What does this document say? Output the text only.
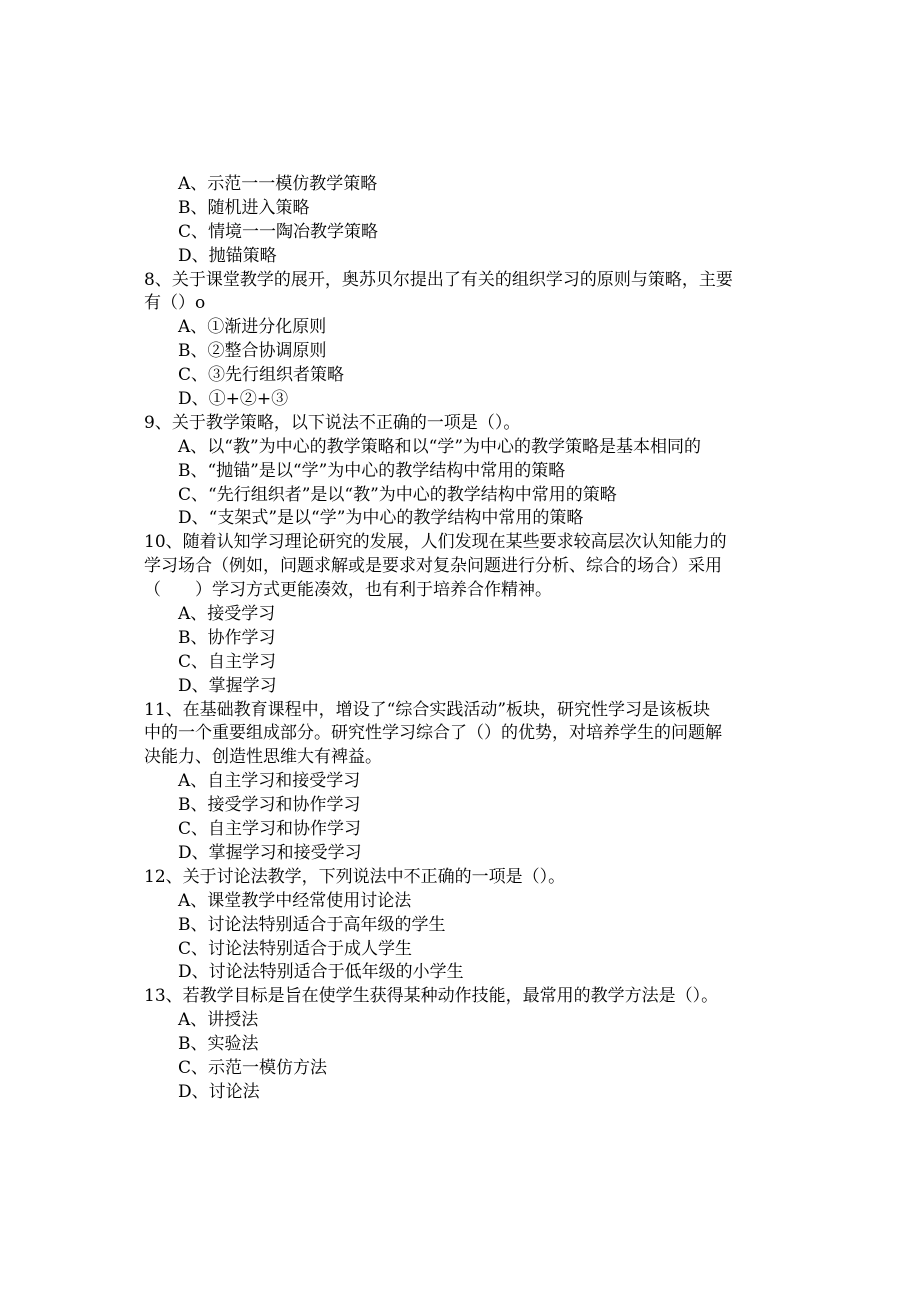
A、示范一一模仿教学策略
B、随机进入策略
C、情境一一陶冶教学策略
D、抛锚策略
8、关于课堂教学的展开，奥苏贝尔提出了有关的组织学习的原则与策略，主要
有（）o
A、①渐进分化原则
B、②整合协调原则
C、③先行组织者策略
D、①+②+③
9、关于教学策略，以下说法不正确的一项是（）。
A、以“教”为中心的教学策略和以“学”为中心的教学策略是基本相同的
B、“抛锚”是以“学”为中心的教学结构中常用的策略
C、“先行组织者”是以“教”为中心的教学结构中常用的策略
D、“支架式”是以“学”为中心的教学结构中常用的策略
10、随着认知学习理论研究的发展，人们发现在某些要求较高层次认知能力的
学习场合（例如，问题求解或是要求对复杂问题进行分析、综合的场合）采用
（　　）学习方式更能凑效，也有利于培养合作精神。
A、接受学习
B、协作学习
C、自主学习
D、掌握学习
11、在基础教育课程中，增设了“综合实践活动”板块，研究性学习是该板块
中的一个重要组成部分。研究性学习综合了（）的优势，对培养学生的问题解
决能力、创造性思维大有裨益。
A、自主学习和接受学习
B、接受学习和协作学习
C、自主学习和协作学习
D、掌握学习和接受学习
12、关于讨论法教学，下列说法中不正确的一项是（）。
A、课堂教学中经常使用讨论法
B、讨论法特别适合于高年级的学生
C、讨论法特别适合于成人学生
D、讨论法特别适合于低年级的小学生
13、若教学目标是旨在使学生获得某种动作技能，最常用的教学方法是（）。
A、讲授法
B、实验法
C、示范一模仿方法
D、讨论法
